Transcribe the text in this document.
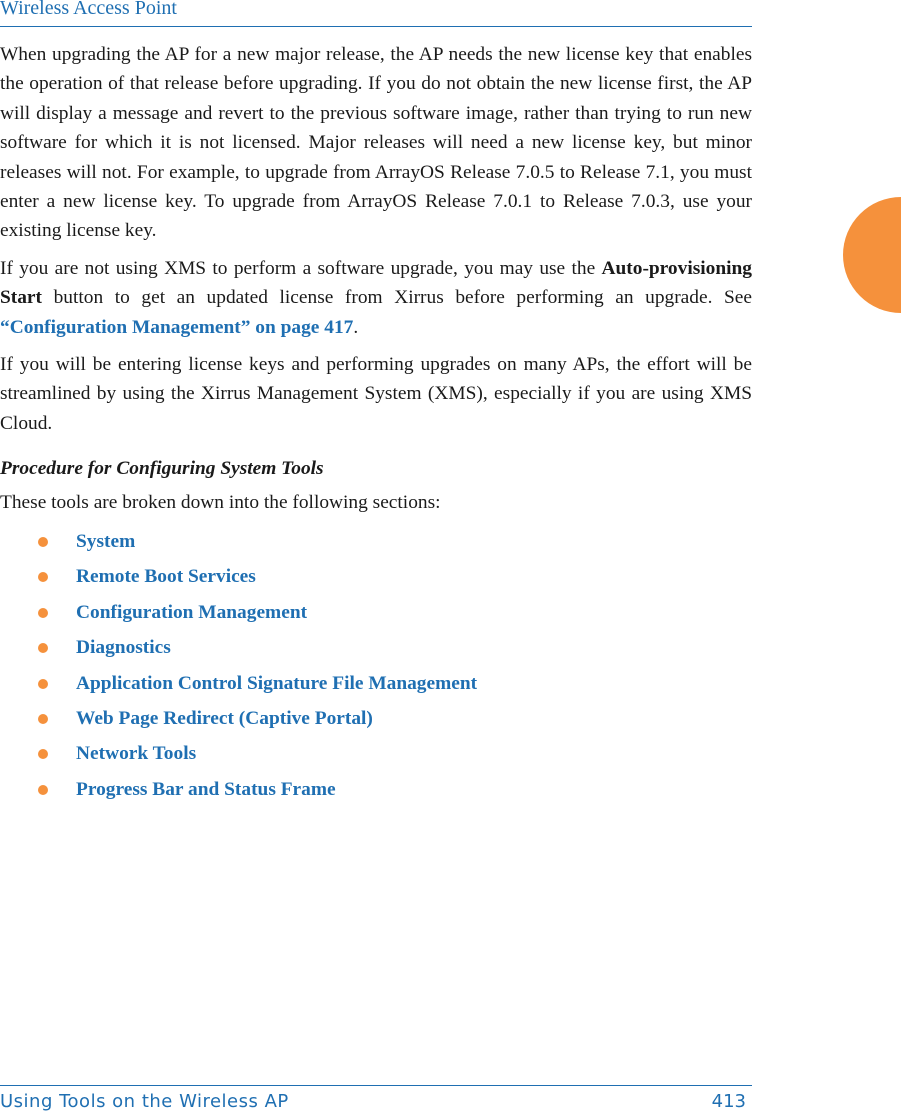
Wireless Access Point

When upgrading the AP for a new major release, the AP needs the new license key that enables the operation of that release before upgrading. If you do not obtain the new license first, the AP will display a message and revert to the previous software image, rather than trying to run new software for which it is not licensed. Major releases will need a new license key, but minor releases will not. For example, to upgrade from ArrayOS Release 7.0.5 to Release 7.1, you must enter a new license key. To upgrade from ArrayOS Release 7.0.1 to Release 7.0.3, use your existing license key.

If you are not using XMS to perform a software upgrade, you may use the Auto-provisioning Start button to get an updated license from Xirrus before performing an upgrade. See “Configuration Management” on page 417.

If you will be entering license keys and performing upgrades on many APs, the effort will be streamlined by using the Xirrus Management System (XMS), especially if you are using XMS Cloud.

Procedure for Configuring System Tools
These tools are broken down into the following sections:
System
Remote Boot Services
Configuration Management
Diagnostics
Application Control Signature File Management
Web Page Redirect (Captive Portal)
Network Tools
Progress Bar and Status Frame
Using Tools on the Wireless AP	413
